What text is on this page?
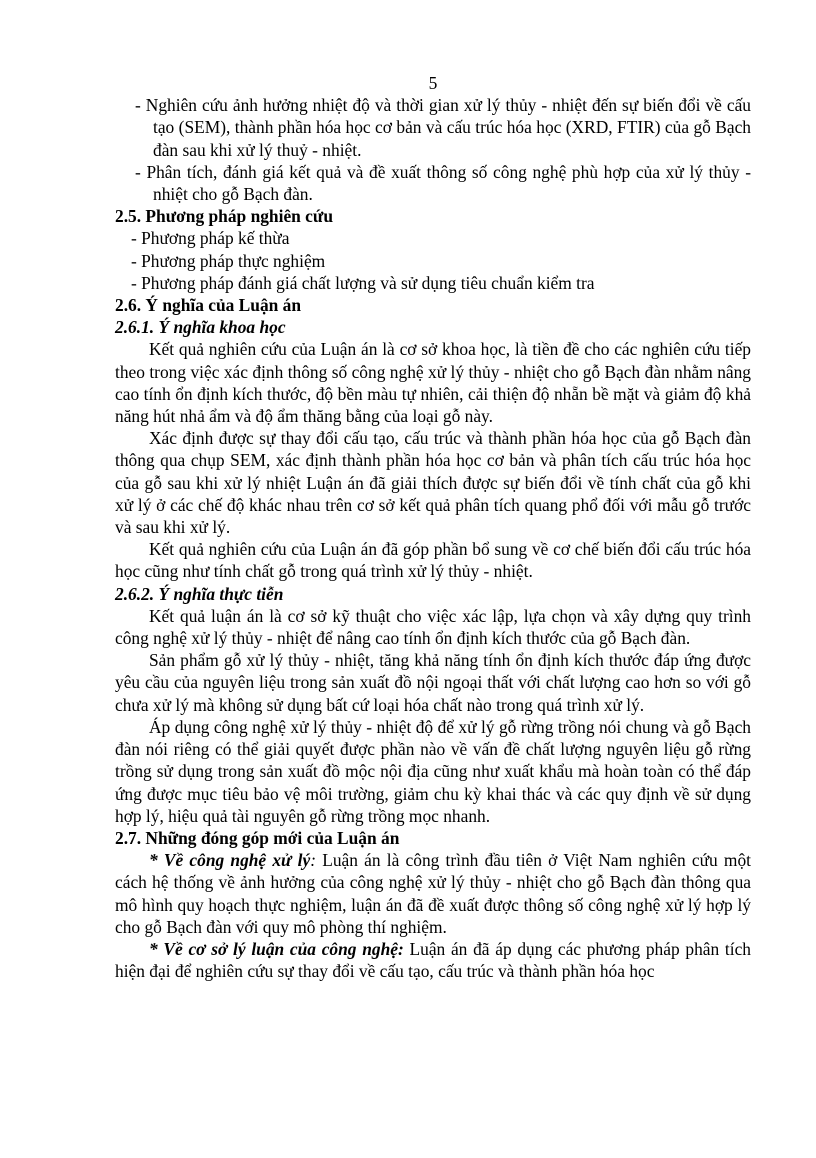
5

- Nghiên cứu ảnh hưởng nhiệt độ và thời gian xử lý thủy - nhiệt đến sự biến đổi về cấu tạo (SEM), thành phần hóa học cơ bản và cấu trúc hóa học (XRD, FTIR) của gỗ Bạch đàn sau khi xử lý thuỷ - nhiệt.

- Phân tích, đánh giá kết quả và đề xuất thông số công nghệ phù hợp của xử lý thủy - nhiệt cho gỗ Bạch đàn.

2.5. Phương pháp nghiên cứu

- Phương pháp kế thừa

- Phương pháp thực nghiệm

- Phương pháp đánh giá chất lượng và sử dụng tiêu chuẩn kiểm tra

2.6. Ý nghĩa của Luận án

2.6.1. Ý nghĩa khoa học

Kết quả nghiên cứu của Luận án là cơ sở khoa học, là tiền đề cho các nghiên cứu tiếp theo trong việc xác định thông số công nghệ xử lý thủy - nhiệt cho gỗ Bạch đàn nhằm nâng cao tính ổn định kích thước, độ bền màu tự nhiên, cải thiện độ nhẵn bề mặt và giảm độ khả năng hút nhả ẩm và độ ẩm thăng bằng của loại gỗ này.

Xác định được sự thay đổi cấu tạo, cấu trúc và thành phần hóa học của gỗ Bạch đàn thông qua chụp SEM, xác định thành phần hóa học cơ bản và phân tích cấu trúc hóa học của gỗ sau khi xử lý nhiệt Luận án đã giải thích được sự biến đổi về tính chất của gỗ khi xử lý ở các chế độ khác nhau trên cơ sở kết quả phân tích quang phổ đối với mẫu gỗ trước và sau khi xử lý.

Kết quả nghiên cứu của Luận án đã góp phần bổ sung về cơ chế biến đổi cấu trúc hóa học cũng như tính chất gỗ trong quá trình xử lý thủy - nhiệt.

2.6.2. Ý nghĩa thực tiễn

Kết quả luận án là cơ sở kỹ thuật cho việc xác lập, lựa chọn và xây dựng quy trình công nghệ xử lý thủy - nhiệt để nâng cao tính ổn định kích thước của gỗ Bạch đàn.

Sản phẩm gỗ xử lý thủy - nhiệt, tăng khả năng tính ổn định kích thước đáp ứng được yêu cầu của nguyên liệu trong sản xuất đồ nội ngoại thất với chất lượng cao hơn so với gỗ chưa xử lý mà không sử dụng bất cứ loại hóa chất nào trong quá trình xử lý.

Áp dụng công nghệ xử lý thủy - nhiệt độ để xử lý gỗ rừng trồng nói chung và gỗ Bạch đàn nói riêng có thể giải quyết được phần nào về vấn đề chất lượng nguyên liệu gỗ rừng trồng sử dụng trong sản xuất đồ mộc nội địa cũng như xuất khẩu mà hoàn toàn có thể đáp ứng được mục tiêu bảo vệ môi trường, giảm chu kỳ khai thác và các quy định về sử dụng hợp lý, hiệu quả tài nguyên gỗ rừng trồng mọc nhanh.

2.7. Những đóng góp mới của Luận án

* Về công nghệ xử lý: Luận án là công trình đầu tiên ở Việt Nam nghiên cứu một cách hệ thống về ảnh hưởng của công nghệ xử lý thủy - nhiệt cho gỗ Bạch đàn thông qua mô hình quy hoạch thực nghiệm, luận án đã đề xuất được thông số công nghệ xử lý hợp lý cho gỗ Bạch đàn với quy mô phòng thí nghiệm.

* Về cơ sở lý luận của công nghệ: Luận án đã áp dụng các phương pháp phân tích hiện đại để nghiên cứu sự thay đổi về cấu tạo, cấu trúc và thành phần hóa học
